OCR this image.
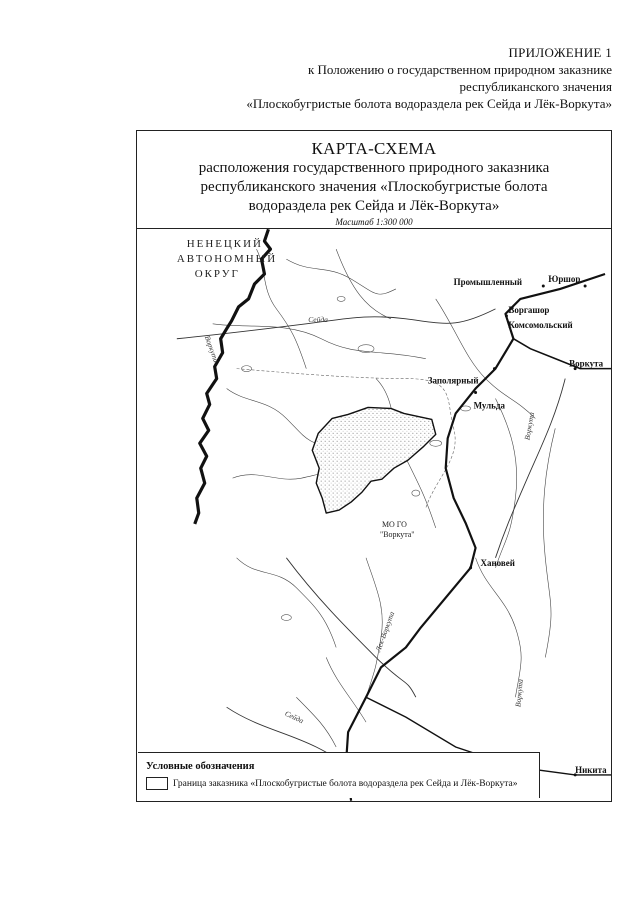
ПРИЛОЖЕНИЕ 1
к Положению о государственном природном заказнике
республиканского значения
«Плоскобугристые болота водораздела рек Сейда и Лёк-Воркута»
КАРТА-СХЕМА
расположения государственного природного заказника
республиканского значения «Плоскобугристые болота
водораздела рек Сейда и Лёк-Воркута»
Масштаб 1:300 000
НЕНЕЦКИЙ
АВТОНОМНЫЙ
ОКРУГ
Промышленный	Юршор
Воргашор
Комсомольский
Воркута
Заполярный
Мульда
Хановей
Никита
Сейда
Воркута
Лек-Воркута
Сейда
Воркута
Воркута
МО ГО
"Воркута"
Условные обозначения
Граница заказника «Плоскобугристые болота водораздела рек Сейда и Лёк-Воркута»
